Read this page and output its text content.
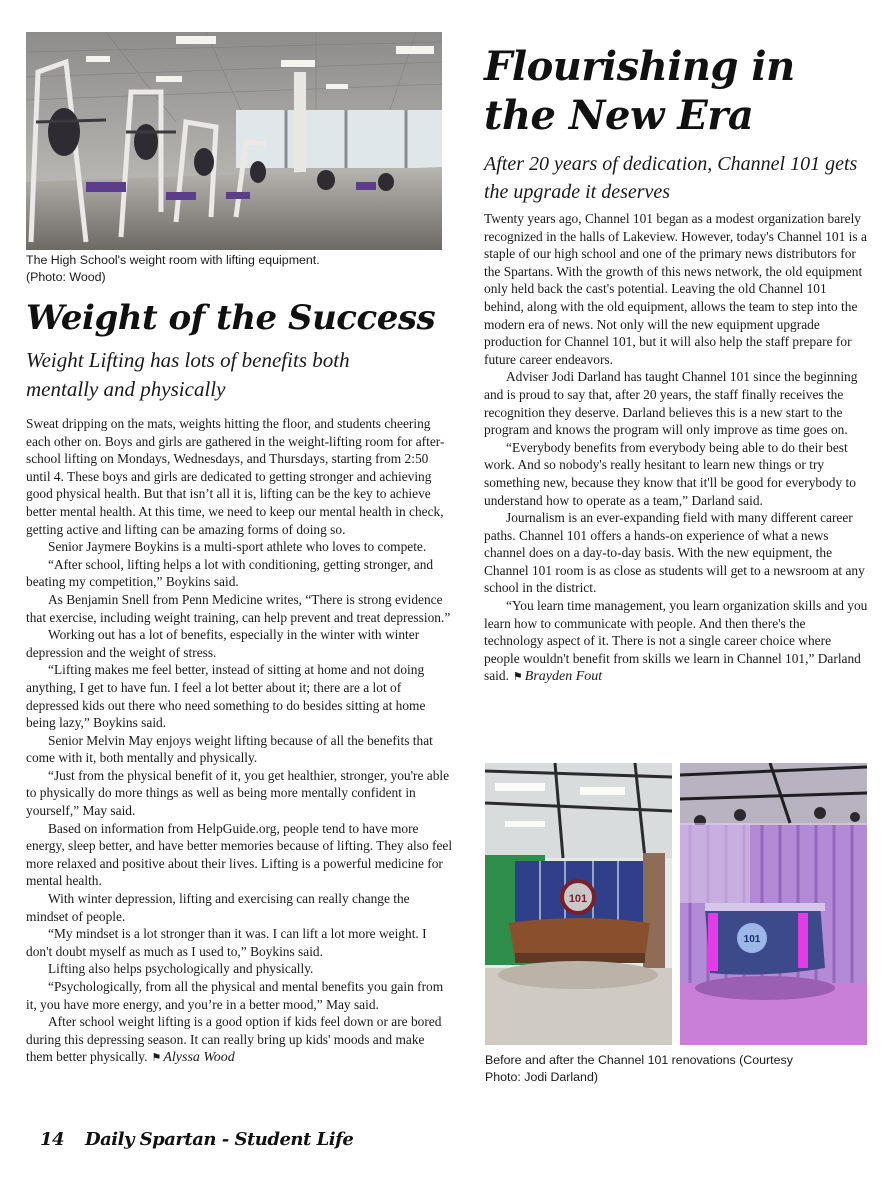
The High School's weight room with lifting equipment. (Photo: Wood)
Weight of the Success
Weight Lifting has lots of benefits both mentally and physically

Sweat dripping on the mats, weights hitting the floor, and students cheering each other on. Boys and girls are gathered in the weight-lifting room for after-school lifting on Mondays, Wednesdays, and Thursdays, starting from 2:50 until 4. These boys and girls are dedicated to getting stronger and achieving good physical health. But that isn’t all it is, lifting can be the key to achieve better mental health. At this time, we need to keep our mental health in check, getting active and lifting can be amazing forms of doing so.

Senior Jaymere Boykins is a multi-sport athlete who loves to compete.

“After school, lifting helps a lot with conditioning, getting stronger, and beating my competition,” Boykins said.

As Benjamin Snell from Penn Medicine writes, “There is strong evidence that exercise, including weight training, can help prevent and treat depression.”

Working out has a lot of benefits, especially in the winter with winter depression and the weight of stress.

“Lifting makes me feel better, instead of sitting at home and not doing anything, I get to have fun. I feel a lot better about it; there are a lot of depressed kids out there who need something to do besides sitting at home being lazy,” Boykins said.

Senior Melvin May enjoys weight lifting because of all the benefits that come with it, both mentally and physically.

“Just from the physical benefit of it, you get healthier, stronger, you're able to physically do more things as well as being more mentally confident in yourself,” May said.

Based on information from HelpGuide.org, people tend to have more energy, sleep better, and have better memories because of lifting. They also feel more relaxed and positive about their lives. Lifting is a powerful medicine for mental health.

With winter depression, lifting and exercising can really change the mindset of people.

“My mindset is a lot stronger than it was. I can lift a lot more weight. I don't doubt myself as much as I used to,” Boykins said.

Lifting also helps psychologically and physically.

“Psychologically, from all the physical and mental benefits you gain from it, you have more energy, and you’re in a better mood,” May said.

After school weight lifting is a good option if kids feel down or are bored during this depressing season. It can really bring up kids' moods and make them better physically. ⚑ Alyssa Wood

Flourishing in the New Era
After 20 years of dedication, Channel 101 gets the upgrade it deserves

Twenty years ago, Channel 101 began as a modest organization barely recognized in the halls of Lakeview. However, today's Channel 101 is a staple of our high school and one of the primary news distributors for the Spartans. With the growth of this news network, the old equipment only held back the cast's potential. Leaving the old Channel 101 behind, along with the old equipment, allows the team to step into the modern era of news. Not only will the new equipment upgrade production for Channel 101, but it will also help the staff prepare for future career endeavors.

Adviser Jodi Darland has taught Channel 101 since the beginning and is proud to say that, after 20 years, the staff finally receives the recognition they deserve. Darland believes this is a new start to the program and knows the program will only improve as time goes on.

“Everybody benefits from everybody being able to do their best work. And so nobody's really hesitant to learn new things or try something new, because they know that it'll be good for everybody to understand how to operate as a team,” Darland said.

Journalism is an ever-expanding field with many different career paths. Channel 101 offers a hands-on experience of what a news channel does on a day-to-day basis. With the new equipment, the Channel 101 room is as close as students will get to a newsroom at any school in the district.

“You learn time management, you learn organization skills and you learn how to communicate with people. And then there's the technology aspect of it. There is not a single career choice where people wouldn't benefit from skills we learn in Channel 101,” Darland said. ⚑ Brayden Fout

101
101
Before and after the Channel 101 renovations (Courtesy Photo: Jodi Darland)
14 Daily Spartan - Student Life
